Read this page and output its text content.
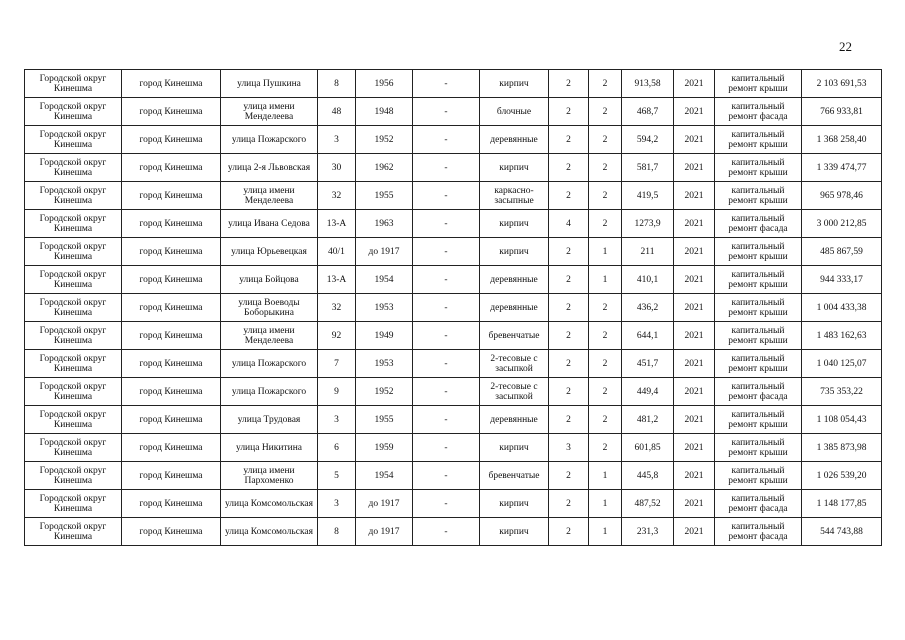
22
Городской округ Кинешма	город Кинешма	улица Пушкина	8	1956	-	кирпич	2	2	913,58	2021	капитальный ремонт крыши	2 103 691,53
Городской округ Кинешма	город Кинешма	улица имени Менделеева	48	1948	-	блочные	2	2	468,7	2021	капитальный ремонт фасада	766 933,81
Городской округ Кинешма	город Кинешма	улица Пожарского	3	1952	-	деревянные	2	2	594,2	2021	капитальный ремонт крыши	1 368 258,40
Городской округ Кинешма	город Кинешма	улица 2-я Львовская	30	1962	-	кирпич	2	2	581,7	2021	капитальный ремонт крыши	1 339 474,77
Городской округ Кинешма	город Кинешма	улица имени Менделеева	32	1955	-	каркасно-засыпные	2	2	419,5	2021	капитальный ремонт крыши	965 978,46
Городской округ Кинешма	город Кинешма	улица Ивана Седова	13-А	1963	-	кирпич	4	2	1273,9	2021	капитальный ремонт фасада	3 000 212,85
Городской округ Кинешма	город Кинешма	улица Юрьевецкая	40/1	до 1917	-	кирпич	2	1	211	2021	капитальный ремонт крыши	485 867,59
Городской округ Кинешма	город Кинешма	улица Бойцова	13-А	1954	-	деревянные	2	1	410,1	2021	капитальный ремонт крыши	944 333,17
Городской округ Кинешма	город Кинешма	улица Воеводы Боборыкина	32	1953	-	деревянные	2	2	436,2	2021	капитальный ремонт крыши	1 004 433,38
Городской округ Кинешма	город Кинешма	улица имени Менделеева	92	1949	-	бревенчатые	2	2	644,1	2021	капитальный ремонт крыши	1 483 162,63
Городской округ Кинешма	город Кинешма	улица Пожарского	7	1953	-	2-тесовые с засыпкой	2	2	451,7	2021	капитальный ремонт крыши	1 040 125,07
Городской округ Кинешма	город Кинешма	улица Пожарского	9	1952	-	2-тесовые с засыпкой	2	2	449,4	2021	капитальный ремонт фасада	735 353,22
Городской округ Кинешма	город Кинешма	улица Трудовая	3	1955	-	деревянные	2	2	481,2	2021	капитальный ремонт крыши	1 108 054,43
Городской округ Кинешма	город Кинешма	улица Никитина	6	1959	-	кирпич	3	2	601,85	2021	капитальный ремонт крыши	1 385 873,98
Городской округ Кинешма	город Кинешма	улица имени Пархоменко	5	1954	-	бревенчатые	2	1	445,8	2021	капитальный ремонт крыши	1 026 539,20
Городской округ Кинешма	город Кинешма	улица Комсомольская	3	до 1917	-	кирпич	2	1	487,52	2021	капитальный ремонт фасада	1 148 177,85
Городской округ Кинешма	город Кинешма	улица Комсомольская	8	до 1917	-	кирпич	2	1	231,3	2021	капитальный ремонт фасада	544 743,88
